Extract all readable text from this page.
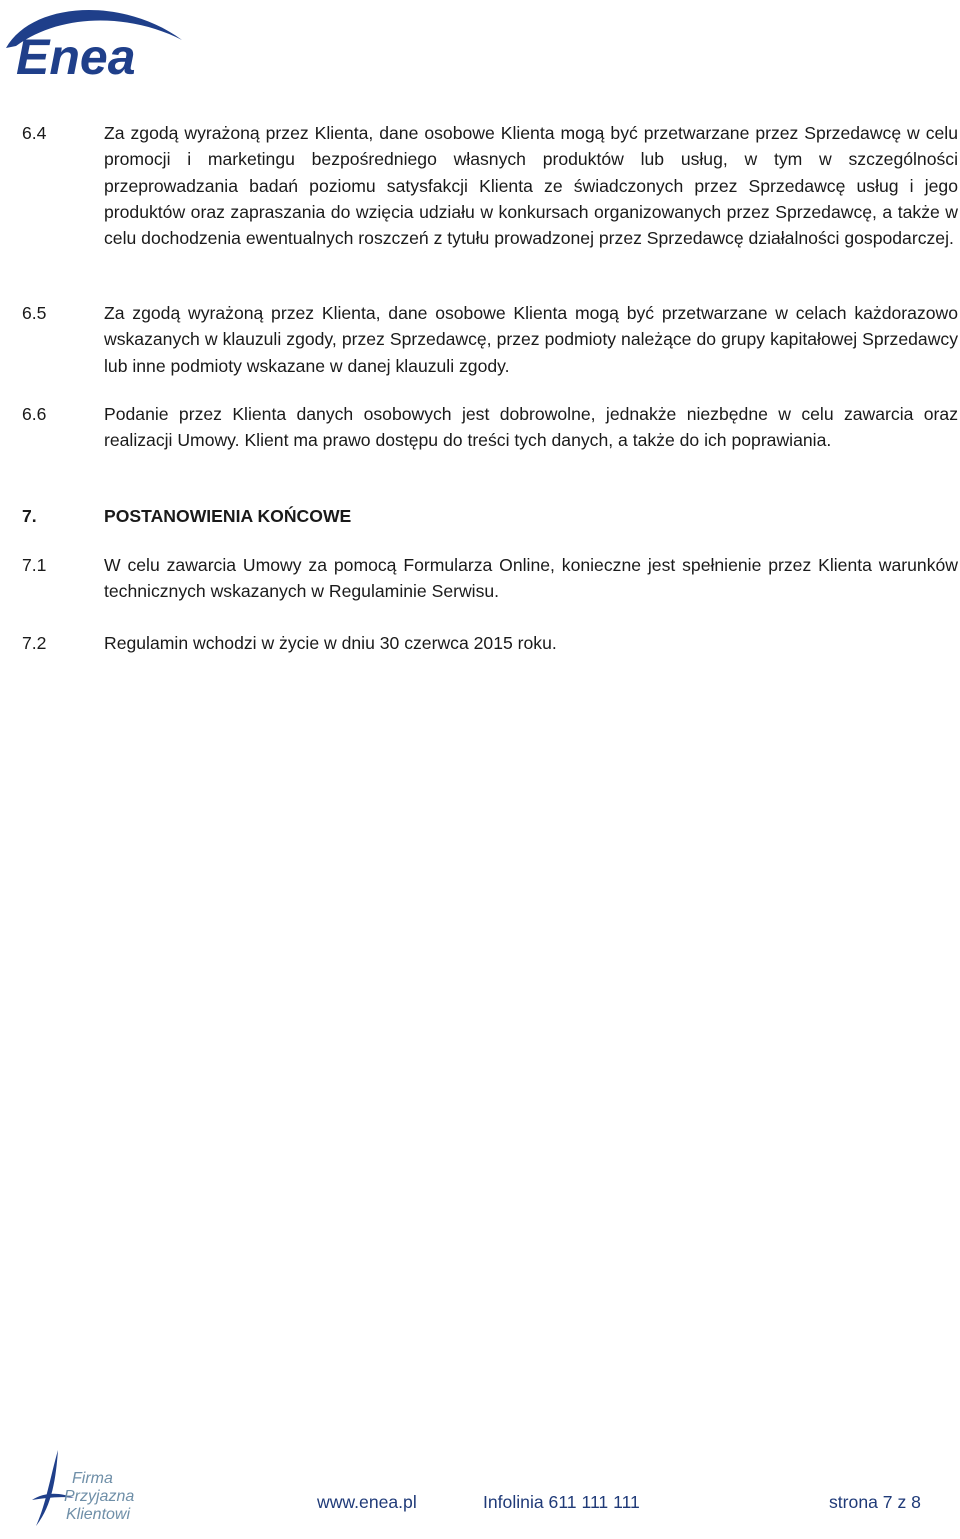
Enea
6.4	Za zgodą wyrażoną przez Klienta, dane osobowe Klienta mogą być przetwarzane przez Sprzedawcę w celu promocji i marketingu bezpośredniego własnych produktów lub usług, w tym w szczególności przeprowadzania badań poziomu satysfakcji Klienta ze świadczonych przez Sprzedawcę usług i jego produktów oraz zapraszania do wzięcia udziału w konkursach organizowanych przez Sprzedawcę, a także w celu dochodzenia ewentualnych roszczeń z tytułu prowadzonej przez Sprzedawcę działalności gospodarczej.

6.5	Za zgodą wyrażoną przez Klienta, dane osobowe Klienta mogą być przetwarzane w celach każdorazowo wskazanych w klauzuli zgody, przez Sprzedawcę, przez podmioty należące do grupy kapitałowej Sprzedawcy lub inne podmioty wskazane w danej klauzuli zgody.

6.6	Podanie przez Klienta danych osobowych jest dobrowolne, jednakże niezbędne w celu zawarcia oraz realizacji Umowy. Klient ma prawo dostępu do treści tych danych, a także do ich poprawiania.

7.	POSTANOWIENIA KOŃCOWE
7.1	W celu zawarcia Umowy za pomocą Formularza Online, konieczne jest spełnienie przez Klienta warunków technicznych wskazanych w Regulaminie Serwisu.

7.2	Regulamin wchodzi w życie w dniu 30 czerwca 2015 roku.

Firma
Przyjazna
Klientowi
www.enea.pl	Infolinia 611 111 111	strona 7 z 8
